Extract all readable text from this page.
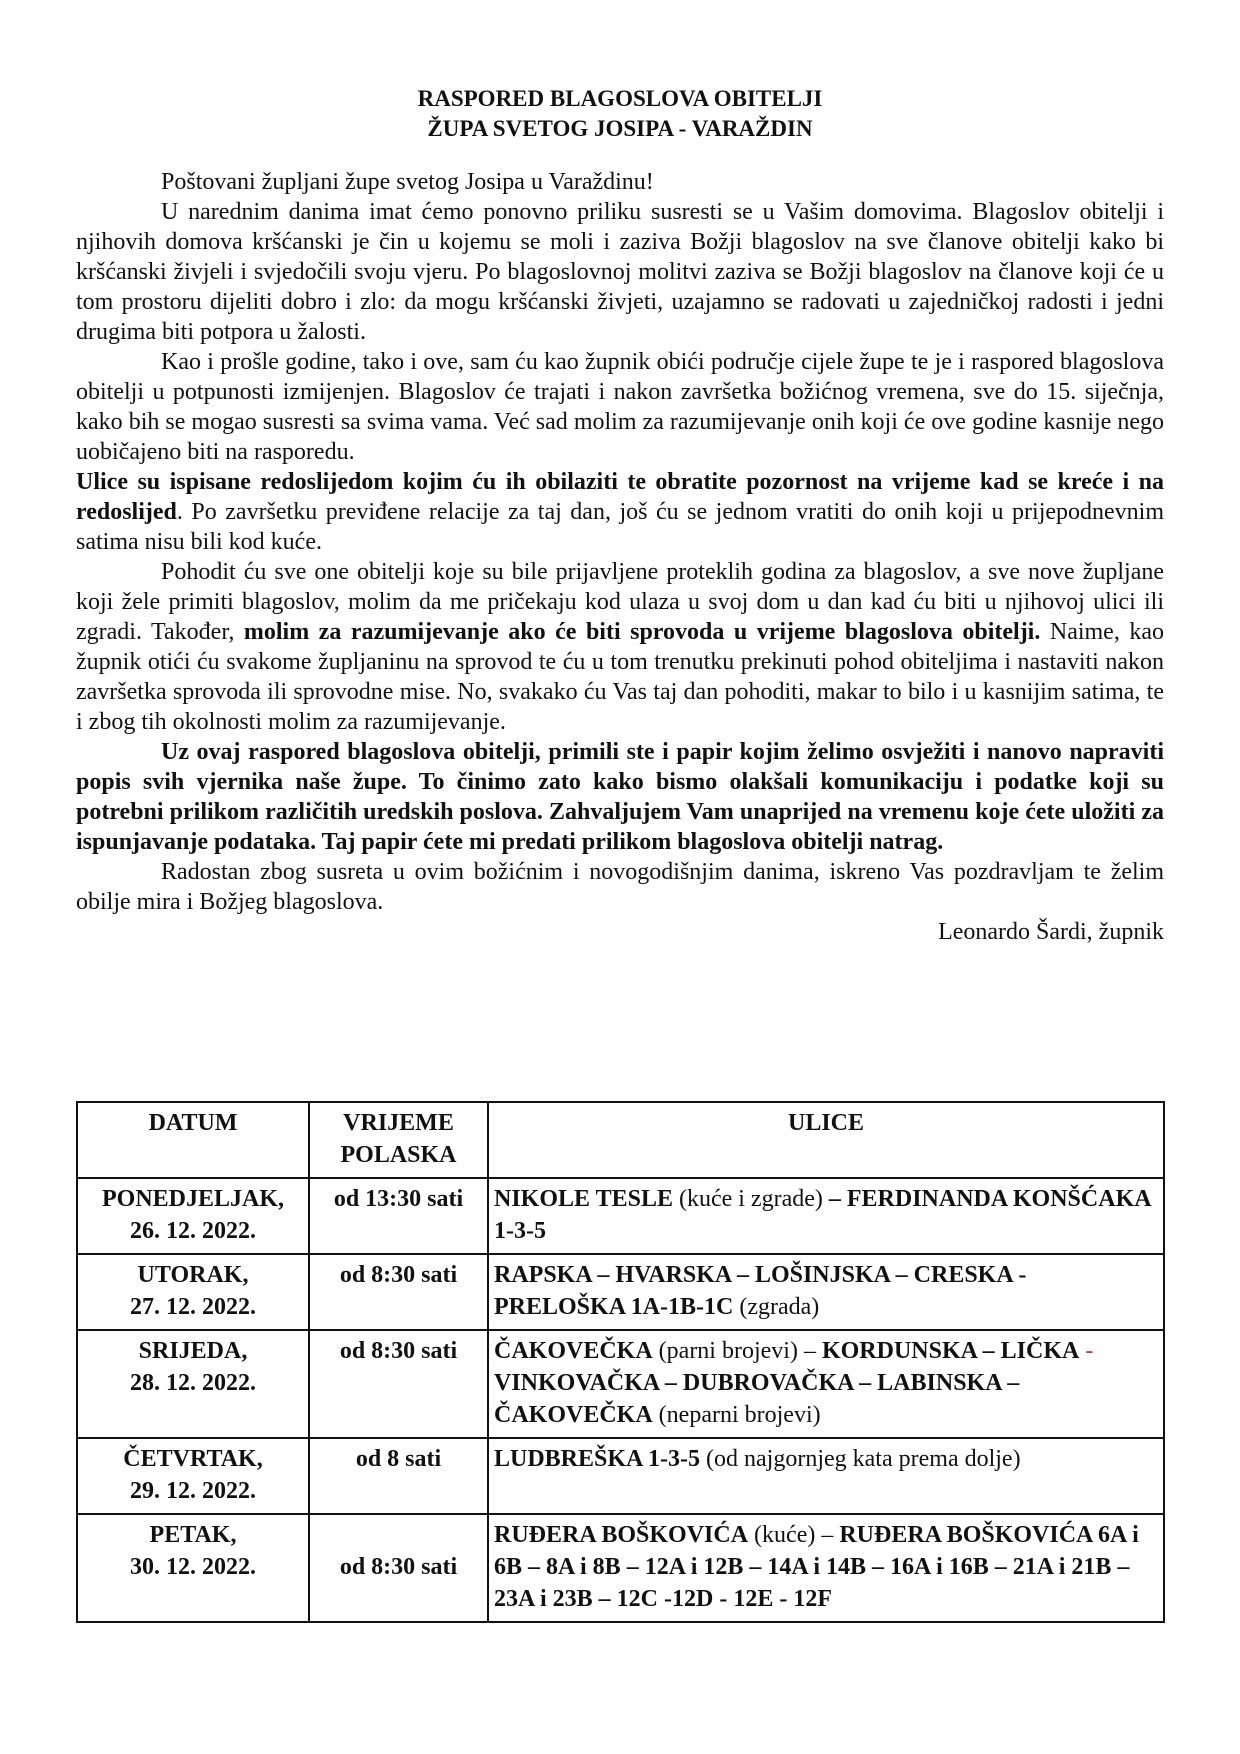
RASPORED BLAGOSLOVA OBITELJI
ŽUPA SVETOG JOSIPA - VARAŽDIN

Poštovani župljani župe svetog Josipa u Varaždinu!

U narednim danima imat ćemo ponovno priliku susresti se u Vašim domovima. Blagoslov obitelji i njihovih domova kršćanski je čin u kojemu se moli i zaziva Božji blagoslov na sve članove obitelji kako bi kršćanski živjeli i svjedočili svoju vjeru. Po blagoslovnoj molitvi zaziva se Božji blagoslov na članove koji će u tom prostoru dijeliti dobro i zlo: da mogu kršćanski živjeti, uzajamno se radovati u zajedničkoj radosti i jedni drugima biti potpora u žalosti.

Kao i prošle godine, tako i ove, sam ću kao župnik obići područje cijele župe te je i raspored blagoslova obitelji u potpunosti izmijenjen. Blagoslov će trajati i nakon završetka božićnog vremena, sve do 15. siječnja, kako bih se mogao susresti sa svima vama. Već sad molim za razumijevanje onih koji će ove godine kasnije nego uobičajeno biti na rasporedu.

Ulice su ispisane redoslijedom kojim ću ih obilaziti te obratite pozornost na vrijeme kad se kreće i na redoslijed. Po završetku previđene relacije za taj dan, još ću se jednom vratiti do onih koji u prijepodnevnim satima nisu bili kod kuće.

Pohodit ću sve one obitelji koje su bile prijavljene proteklih godina za blagoslov, a sve nove župljane koji žele primiti blagoslov, molim da me pričekaju kod ulaza u svoj dom u dan kad ću biti u njihovoj ulici ili zgradi. Također, molim za razumijevanje ako će biti sprovoda u vrijeme blagoslova obitelji. Naime, kao župnik otići ću svakome župljaninu na sprovod te ću u tom trenutku prekinuti pohod obiteljima i nastaviti nakon završetka sprovoda ili sprovodne mise. No, svakako ću Vas taj dan pohoditi, makar to bilo i u kasnijim satima, te i zbog tih okolnosti molim za razumijevanje.

Uz ovaj raspored blagoslova obitelji, primili ste i papir kojim želimo osvježiti i nanovo napraviti popis svih vjernika naše župe. To činimo zato kako bismo olakšali komunikaciju i podatke koji su potrebni prilikom različitih uredskih poslova. Zahvaljujem Vam unaprijed na vremenu koje ćete uložiti za ispunjavanje podataka. Taj papir ćete mi predati prilikom blagoslova obitelji natrag.

Radostan zbog susreta u ovim božićnim i novogodišnjim danima, iskreno Vas pozdravljam te želim obilje mira i Božjeg blagoslova.

Leonardo Šardi, župnik

DATUM	VRIJEME POLASKA	ULICE

PONEDJELJAK,
26. 12. 2022.	od 13:30 sati	NIKOLE TESLE (kuće i zgrade) – FERDINANDA KONŠĆAKA 1-3-5

UTORAK,
27. 12. 2022.	od 8:30 sati	RAPSKA – HVARSKA – LOŠINJSKA – CRESKA - PRELOŠKA 1A-1B-1C (zgrada)

SRIJEDA,
28. 12. 2022.	od 8:30 sati	ČAKOVEČKA (parni brojevi) – KORDUNSKA – LIČKA - VINKOVAČKA – DUBROVAČKA – LABINSKA – ČAKOVEČKA (neparni brojevi)

ČETVRTAK,
29. 12. 2022.	od 8 sati	LUDBREŠKA 1-3-5 (od najgornjeg kata prema dolje)

PETAK,
30. 12. 2022.	od 8:30 sati	RUĐERA BOŠKOVIĆA (kuće) – RUĐERA BOŠKOVIĆA 6A i 6B – 8A i 8B – 12A i 12B – 14A i 14B – 16A i 16B – 21A i 21B – 23A i 23B – 12C -12D - 12E - 12F
